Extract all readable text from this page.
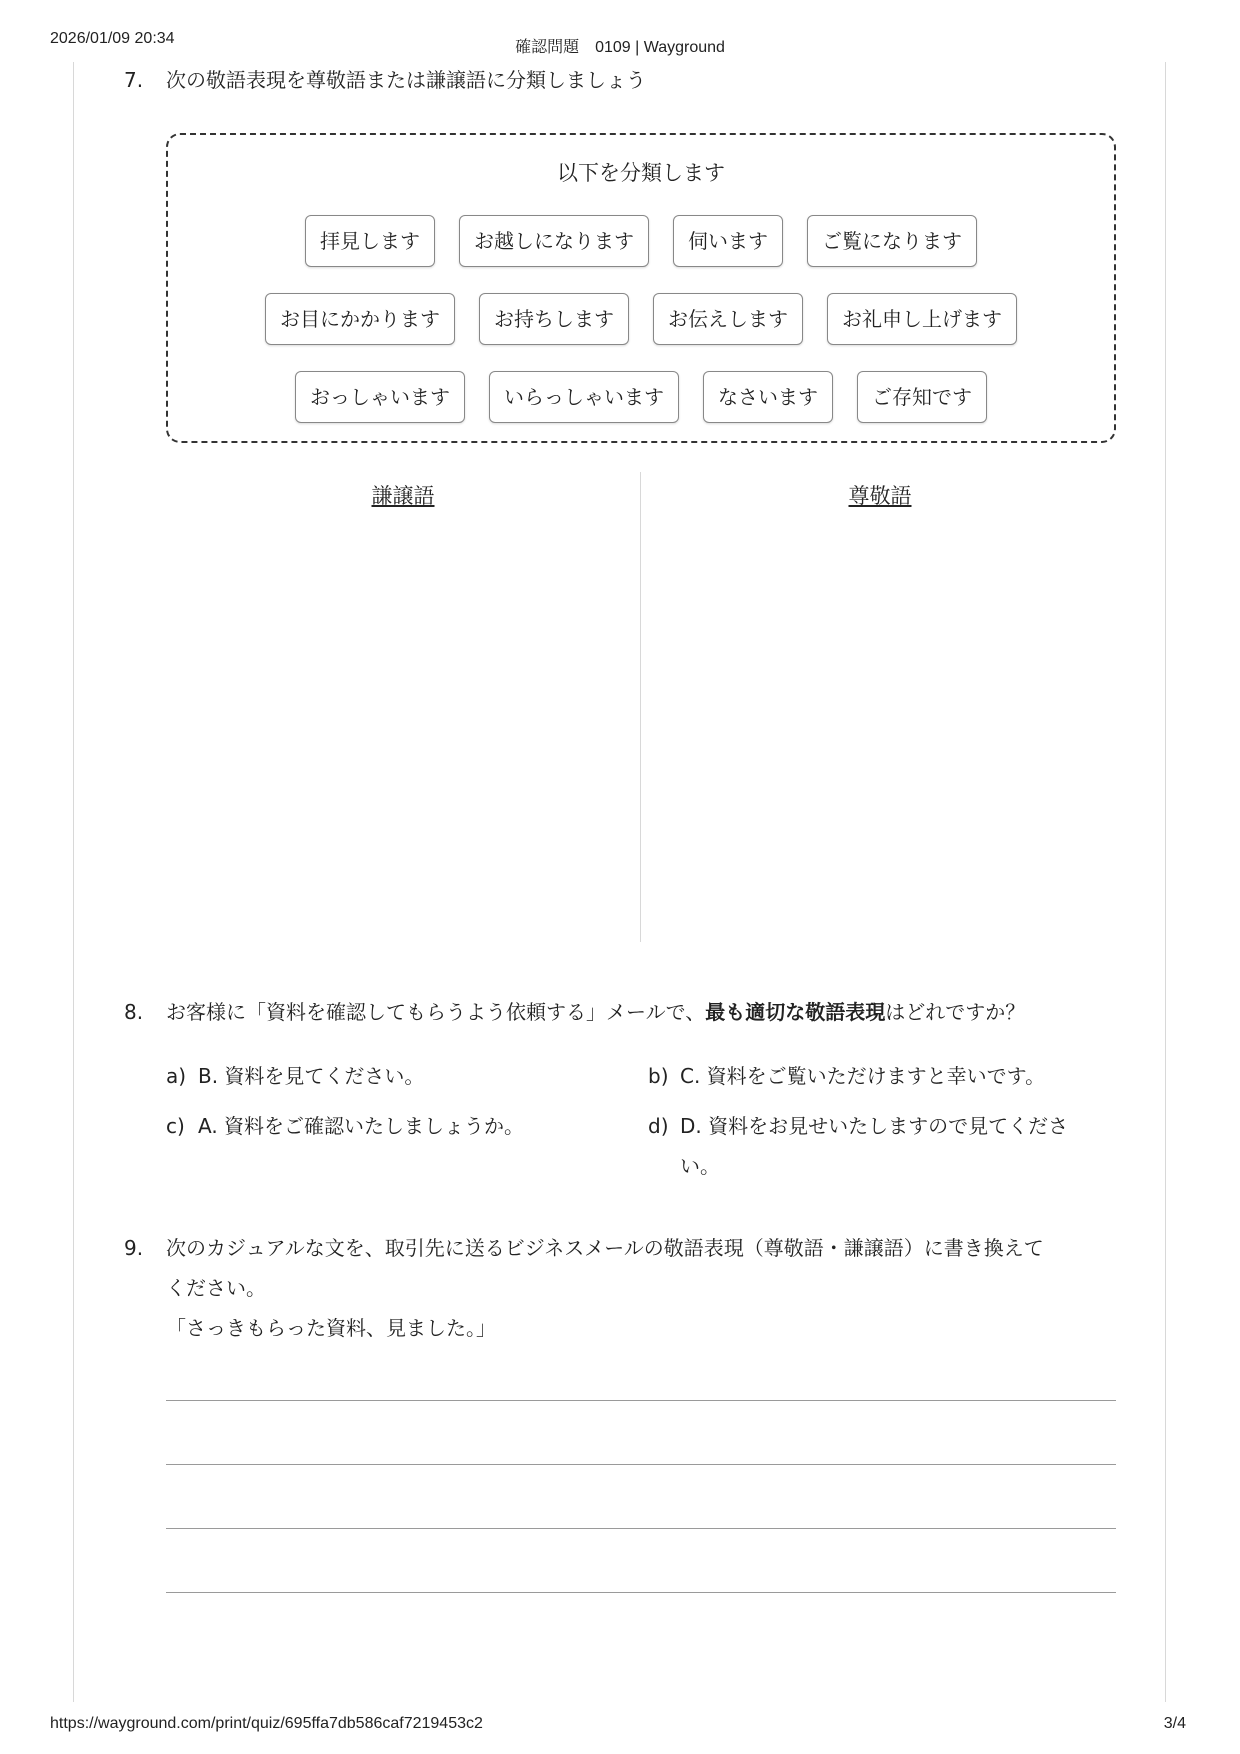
2026/01/09 20:34
確認問題　0109 | Wayground
7. 次の敬語表現を尊敬語または謙譲語に分類しましょう
以下を分類します
拝見します	お越しになります	伺います	ご覧になります
お目にかかります	お持ちします	お伝えします	お礼申し上げます
おっしゃいます	いらっしゃいます	なさいます	ご存知です
謙譲語	尊敬語
8. お客様に「資料を確認してもらうよう依頼する」メールで、最も適切な敬語表現はどれですか？
a) B. 資料を見てください。	b) C. 資料をご覧いただけますと幸いです。
c) A. 資料をご確認いたしましょうか。	d) D. 資料をお見せいたしますので見てください。
9. 次のカジュアルな文を、取引先に送るビジネスメールの敬語表現（尊敬語・謙譲語）に書き換えて
ください。
「さっきもらった資料、見ました。」
https://wayground.com/print/quiz/695ffa7db586caf7219453c2	3/4
